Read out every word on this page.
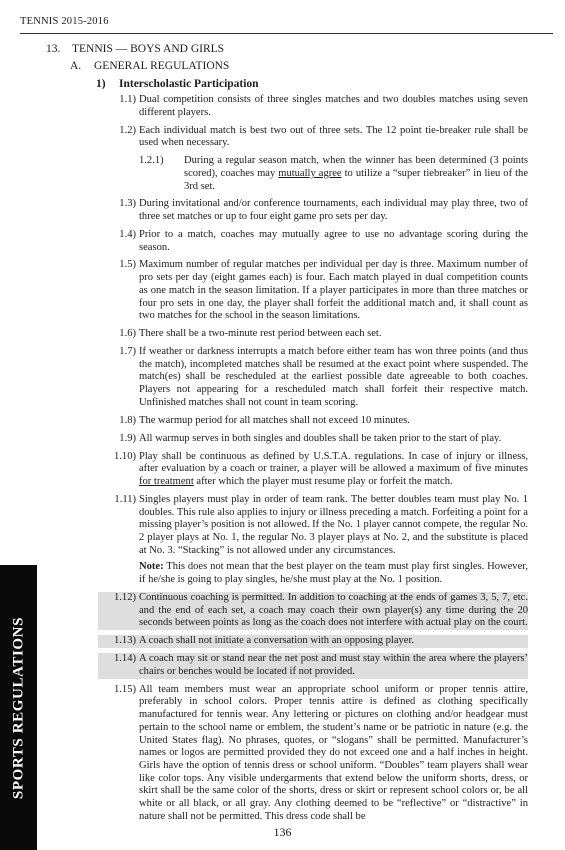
TENNIS 2015-2016
13. TENNIS — BOYS AND GIRLS
A. GENERAL REGULATIONS
1) Interscholastic Participation
1.1) Dual competition consists of three singles matches and two doubles matches using seven different players.
1.2) Each individual match is best two out of three sets. The 12 point tie-breaker rule shall be used when necessary.
1.2.1)	During a regular season match, when the winner has been determined (3 points scored), coaches may mutually agree to utilize a “super tiebreaker” in lieu of the 3rd set.
1.3) During invitational and/or conference tournaments, each individual may play three, two of three set matches or up to four eight game pro sets per day.
1.4) Prior to a match, coaches may mutually agree to use no advantage scoring during the season.
1.5) Maximum number of regular matches per individual per day is three. Maximum number of pro sets per day (eight games each) is four. Each match played in dual competition counts as one match in the season limitation. If a player participates in more than three matches or four pro sets in one day, the player shall forfeit the additional match and, it shall count as two matches for the school in the season limitations.
1.6) There shall be a two-minute rest period between each set.
1.7) If weather or darkness interrupts a match before either team has won three points (and thus the match), incompleted matches shall be resumed at the exact point where suspended. The match(es) shall be rescheduled at the earliest possible date agreeable to both coaches. Players not appearing for a rescheduled match shall forfeit their respective match. Unfinished matches shall not count in team scoring.
1.8) The warmup period for all matches shall not exceed 10 minutes.
1.9) All warmup serves in both singles and doubles shall be taken prior to the start of play.
1.10) Play shall be continuous as defined by U.S.T.A. regulations. In case of injury or illness, after evaluation by a coach or trainer, a player will be allowed a maximum of five minutes for treatment after which the player must resume play or forfeit the match.
1.11) Singles players must play in order of team rank. The better doubles team must play No. 1 doubles. This rule also applies to injury or illness preceding a match. Forfeiting a point for a missing player’s position is not allowed. If the No. 1 player cannot compete, the regular No. 2 player plays at No. 1, the regular No. 3 player plays at No. 2, and the substitute is placed at No. 3. “Stacking” is not allowed under any circumstances.
Note: This does not mean that the best player on the team must play first singles. However, if he/she is going to play singles, he/she must play at the No. 1 position.
1.12) Continuous coaching is permitted. In addition to coaching at the ends of games 3, 5, 7, etc. and the end of each set, a coach may coach their own player(s) any time during the 20 seconds between points as long as the coach does not interfere with actual play on the court.
1.13) A coach shall not initiate a conversation with an opposing player.
1.14) A coach may sit or stand near the net post and must stay within the area where the players’ chairs or benches would be located if not provided.
1.15) All team members must wear an appropriate school uniform or proper tennis attire, preferably in school colors. Proper tennis attire is defined as clothing specifically manufactured for tennis wear. Any lettering or pictures on clothing and/or headgear must pertain to the school name or emblem, the student’s name or be patriotic in nature (e.g. the United States flag). No phrases, quotes, or “slogans” shall be permitted. Manufacturer’s names or logos are permitted provided they do not exceed one and a half inches in height. Girls have the option of tennis dress or school uniform. “Doubles” team players shall wear like color tops. Any visible undergarments that extend below the uniform shorts, dress, or skirt shall be the same color of the shorts, dress or skirt or represent school colors or, be all white or all black, or all gray. Any clothing deemed to be “reflective” or “distractive” in nature shall not be permitted. This dress code shall be
SPORTS REGULATIONS
136
